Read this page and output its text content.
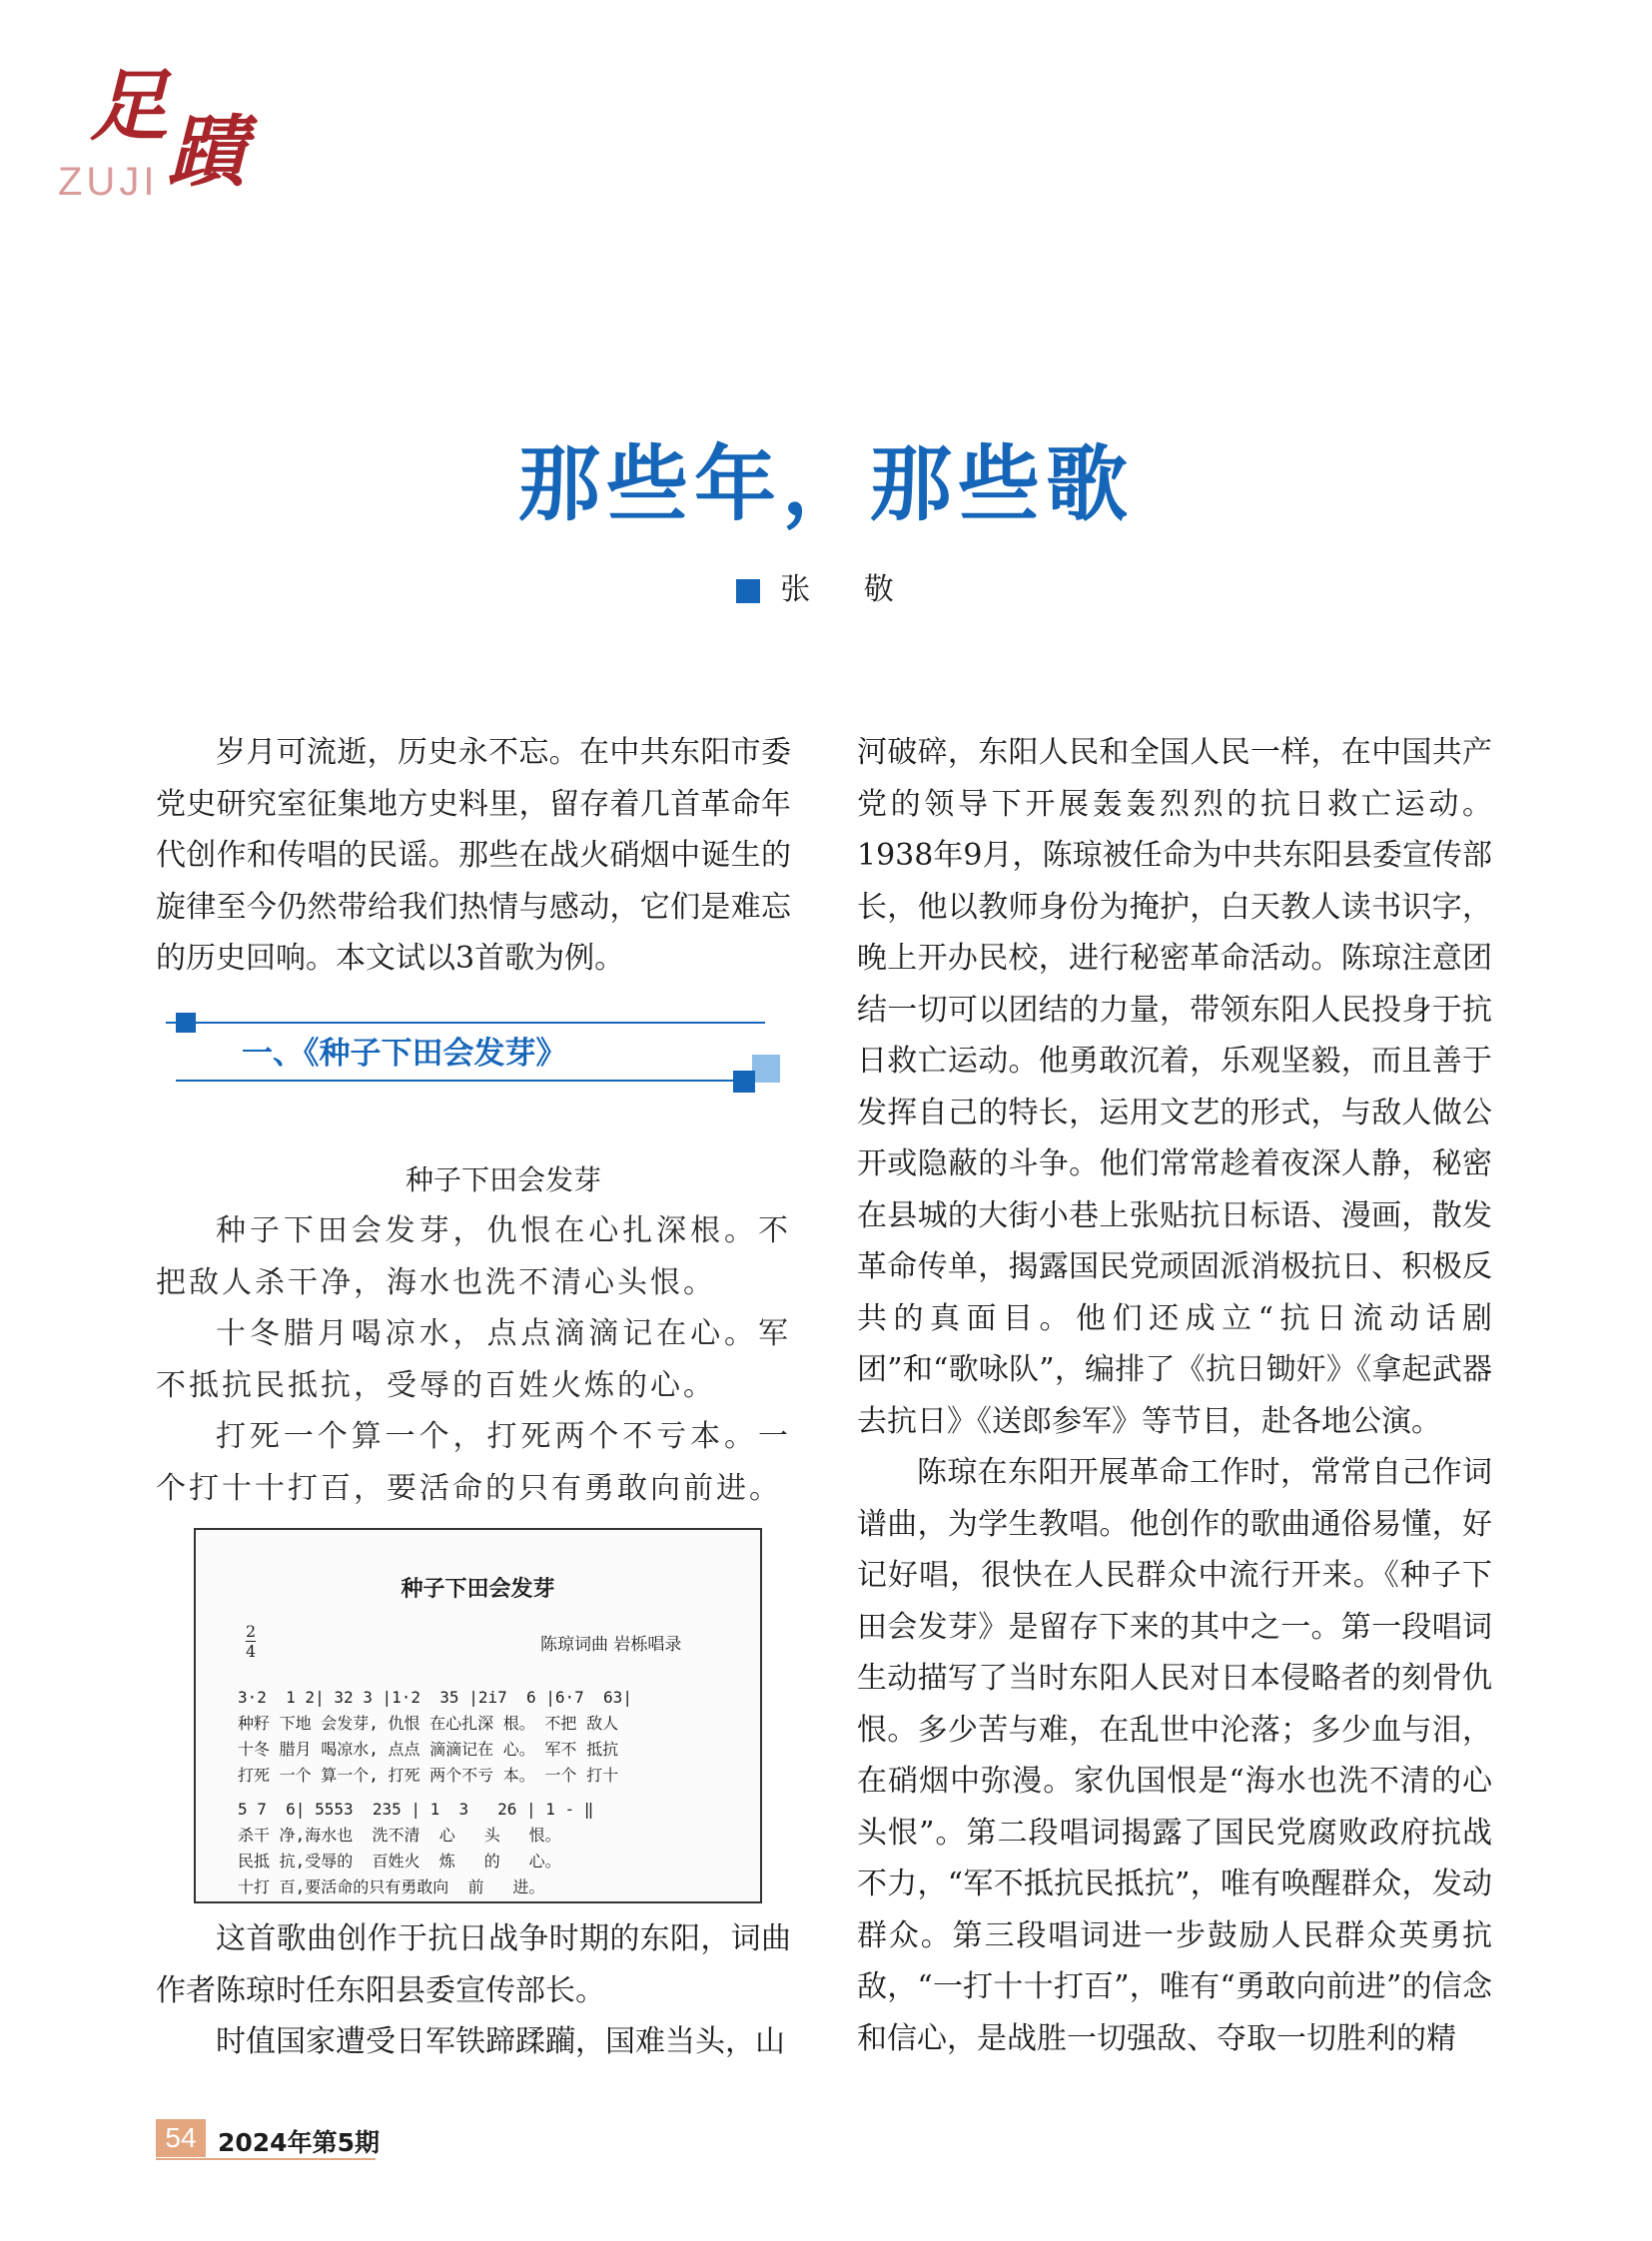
足
蹟
ZUJI
那些年，那些歌
张 敬

岁月可流逝，历史永不忘。在中共东阳市委党史研究室征集地方史料里，留存着几首革命年代创作和传唱的民谣。那些在战火硝烟中诞生的旋律至今仍然带给我们热情与感动，它们是难忘的历史回响。本文试以3首歌为例。

一、《种子下田会发芽》

种子下田会发芽

种子下田会发芽，仇恨在心扎深根。不把敌人杀干净，海水也洗不清心头恨。

十冬腊月喝凉水，点点滴滴记在心。军不抵抗民抵抗，受辱的百姓火炼的心。

打死一个算一个，打死两个不亏本。一个打十十打百，要活命的只有勇敢向前进。

种子下田会发芽
陈琼词曲 岩栎唱录
2
4
3·2  1 2| 32 3 |1·2  35 |2i7  6 |6·7  63|
种籽 下地 会发芽, 仇恨 在心扎深 根。 不把 敌人
十冬 腊月 喝凉水, 点点 滴滴记在 心。 军不 抵抗
打死 一个 算一个, 打死 两个不亏 本。 一个 打十
5 7  6| 5553  235 | 1  3   26 | 1 - ‖
杀干 净,海水也  洗不清  心   头   恨。
民抵 抗,受辱的  百姓火  炼   的   心。
十打 百,要活命的只有勇敢向  前   进。

这首歌曲创作于抗日战争时期的东阳，词曲作者陈琼时任东阳县委宣传部长。

时值国家遭受日军铁蹄蹂躏，国难当头，山

河破碎，东阳人民和全国人民一样，在中国共产党的领导下开展轰轰烈烈的抗日救亡运动。1938年9月，陈琼被任命为中共东阳县委宣传部长，他以教师身份为掩护，白天教人读书识字，晚上开办民校，进行秘密革命活动。陈琼注意团结一切可以团结的力量，带领东阳人民投身于抗日救亡运动。他勇敢沉着，乐观坚毅，而且善于发挥自己的特长，运用文艺的形式，与敌人做公开或隐蔽的斗争。他们常常趁着夜深人静，秘密在县城的大街小巷上张贴抗日标语、漫画，散发革命传单，揭露国民党顽固派消极抗日、积极反共的真面目。他们还成立“抗日流动话剧团”和“歌咏队”，编排了《抗日锄奸》《拿起武器去抗日》《送郎参军》等节目，赴各地公演。

陈琼在东阳开展革命工作时，常常自己作词谱曲，为学生教唱。他创作的歌曲通俗易懂，好记好唱，很快在人民群众中流行开来。《种子下田会发芽》是留存下来的其中之一。第一段唱词生动描写了当时东阳人民对日本侵略者的刻骨仇恨。多少苦与难，在乱世中沦落；多少血与泪，在硝烟中弥漫。家仇国恨是“海水也洗不清的心头恨”。第二段唱词揭露了国民党腐败政府抗战不力，“军不抵抗民抵抗”，唯有唤醒群众，发动群众。第三段唱词进一步鼓励人民群众英勇抗敌，“一打十十打百”，唯有“勇敢向前进”的信念和信心，是战胜一切强敌、夺取一切胜利的精

54 2024年第5期
